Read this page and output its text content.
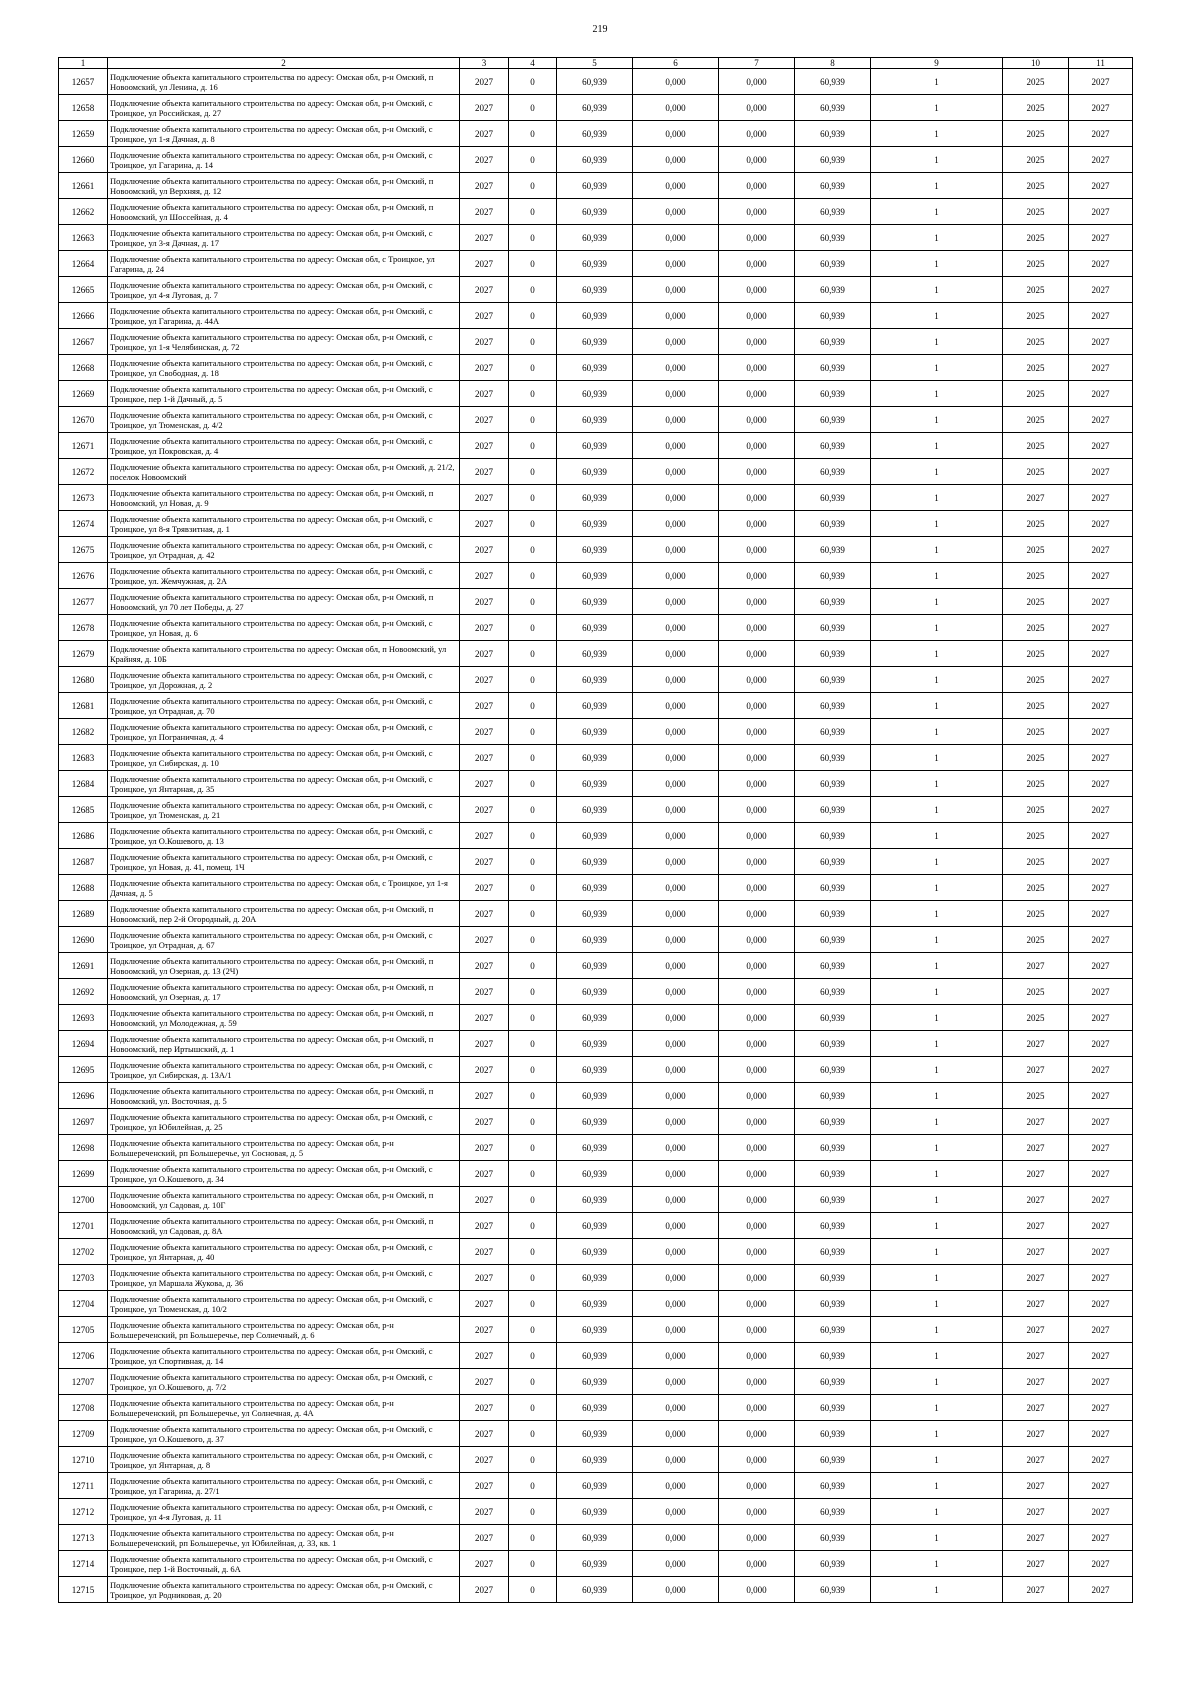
219
1	2	3	4	5	6	7	8	9	10	11
12657	Подключение объекта капитального строительства по адресу: Омская обл, р-н Омский, п Новоомский, ул Ленина, д. 16	2027	0	60,939	0,000	0,000	60,939	1	2025	2027
12658	Подключение объекта капитального строительства по адресу: Омская обл, р-н Омский, с Троицкое, ул Российская, д. 27	2027	0	60,939	0,000	0,000	60,939	1	2025	2027
12659	Подключение объекта капитального строительства по адресу: Омская обл, р-н Омский, с Троицкое, ул 1-я Дачная, д. 8	2027	0	60,939	0,000	0,000	60,939	1	2025	2027
12660	Подключение объекта капитального строительства по адресу: Омская обл, р-н Омский, с Троицкое, ул Гагарина, д. 14	2027	0	60,939	0,000	0,000	60,939	1	2025	2027
12661	Подключение объекта капитального строительства по адресу: Омская обл, р-н Омский, п Новоомский, ул Верхняя, д. 12	2027	0	60,939	0,000	0,000	60,939	1	2025	2027
12662	Подключение объекта капитального строительства по адресу: Омская обл, р-н Омский, п Новоомский, ул Шоссейная, д. 4	2027	0	60,939	0,000	0,000	60,939	1	2025	2027
12663	Подключение объекта капитального строительства по адресу: Омская обл, р-н Омский, с Троицкое, ул 3-я Дачная, д. 17	2027	0	60,939	0,000	0,000	60,939	1	2025	2027
12664	Подключение объекта капитального строительства по адресу: Омская обл, с Троицкое, ул Гагарина, д. 24	2027	0	60,939	0,000	0,000	60,939	1	2025	2027
12665	Подключение объекта капитального строительства по адресу: Омская обл, р-н Омский, с Троицкое, ул 4-я Луговая, д. 7	2027	0	60,939	0,000	0,000	60,939	1	2025	2027
12666	Подключение объекта капитального строительства по адресу: Омская обл, р-н Омский, с Троицкое, ул Гагарина, д. 44А	2027	0	60,939	0,000	0,000	60,939	1	2025	2027
12667	Подключение объекта капитального строительства по адресу: Омская обл, р-н Омский, с Троицкое, ул 1-я Челябинская, д. 72	2027	0	60,939	0,000	0,000	60,939	1	2025	2027
12668	Подключение объекта капитального строительства по адресу: Омская обл, р-н Омский, с Троицкое, ул Свободная, д. 18	2027	0	60,939	0,000	0,000	60,939	1	2025	2027
12669	Подключение объекта капитального строительства по адресу: Омская обл, р-н Омский, с Троицкое, пер 1-й Дачный, д. 5	2027	0	60,939	0,000	0,000	60,939	1	2025	2027
12670	Подключение объекта капитального строительства по адресу: Омская обл, р-н Омский, с Троицкое, ул Тюменская, д. 4/2	2027	0	60,939	0,000	0,000	60,939	1	2025	2027
12671	Подключение объекта капитального строительства по адресу: Омская обл, р-н Омский, с Троицкое, ул Покровская, д. 4	2027	0	60,939	0,000	0,000	60,939	1	2025	2027
12672	Подключение объекта капитального строительства по адресу: Омская обл, р-н Омский, д. 21/2, поселок Новоомский	2027	0	60,939	0,000	0,000	60,939	1	2025	2027
12673	Подключение объекта капитального строительства по адресу: Омская обл, р-н Омский, п Новоомский, ул Новая, д. 9	2027	0	60,939	0,000	0,000	60,939	1	2027	2027
12674	Подключение объекта капитального строительства по адресу: Омская обл, р-н Омский, с Троицкое, ул 8-я Трявзитная, д. 1	2027	0	60,939	0,000	0,000	60,939	1	2025	2027
12675	Подключение объекта капитального строительства по адресу: Омская обл, р-н Омский, с Троицкое, ул Отрадная, д. 42	2027	0	60,939	0,000	0,000	60,939	1	2025	2027
12676	Подключение объекта капитального строительства по адресу: Омская обл, р-н Омский, с Троицкое, ул. Жемчужная, д. 2А	2027	0	60,939	0,000	0,000	60,939	1	2025	2027
12677	Подключение объекта капитального строительства по адресу: Омская обл, р-н Омский, п Новоомский, ул 70 лет Победы, д. 27	2027	0	60,939	0,000	0,000	60,939	1	2025	2027
12678	Подключение объекта капитального строительства по адресу: Омская обл, р-н Омский, с Троицкое, ул Новая, д. 6	2027	0	60,939	0,000	0,000	60,939	1	2025	2027
12679	Подключение объекта капитального строительства по адресу: Омская обл, п Новоомский, ул Крайняя, д. 10Б	2027	0	60,939	0,000	0,000	60,939	1	2025	2027
12680	Подключение объекта капитального строительства по адресу: Омская обл, р-н Омский, с Троицкое, ул Дорожная, д. 2	2027	0	60,939	0,000	0,000	60,939	1	2025	2027
12681	Подключение объекта капитального строительства по адресу: Омская обл, р-н Омский, с Троицкое, ул Отрадная, д. 70	2027	0	60,939	0,000	0,000	60,939	1	2025	2027
12682	Подключение объекта капитального строительства по адресу: Омская обл, р-н Омский, с Троицкое, ул Пограничная, д. 4	2027	0	60,939	0,000	0,000	60,939	1	2025	2027
12683	Подключение объекта капитального строительства по адресу: Омская обл, р-н Омский, с Троицкое, ул Сибирская, д. 10	2027	0	60,939	0,000	0,000	60,939	1	2025	2027
12684	Подключение объекта капитального строительства по адресу: Омская обл, р-н Омский, с Троицкое, ул Янтарная, д. 35	2027	0	60,939	0,000	0,000	60,939	1	2025	2027
12685	Подключение объекта капитального строительства по адресу: Омская обл, р-н Омский, с Троицкое, ул Тюменская, д. 21	2027	0	60,939	0,000	0,000	60,939	1	2025	2027
12686	Подключение объекта капитального строительства по адресу: Омская обл, р-н Омский, с Троицкое, ул О.Кошевого, д. 13	2027	0	60,939	0,000	0,000	60,939	1	2025	2027
12687	Подключение объекта капитального строительства по адресу: Омская обл, р-н Омский, с Троицкое, ул Новая, д. 41, помещ. 1Ч	2027	0	60,939	0,000	0,000	60,939	1	2025	2027
12688	Подключение объекта капитального строительства по адресу: Омская обл, с Троицкое, ул 1-я Дачная, д. 5	2027	0	60,939	0,000	0,000	60,939	1	2025	2027
12689	Подключение объекта капитального строительства по адресу: Омская обл, р-н Омский, п Новоомский, пер 2-й Огородный, д. 20А	2027	0	60,939	0,000	0,000	60,939	1	2025	2027
12690	Подключение объекта капитального строительства по адресу: Омская обл, р-н Омский, с Троицкое, ул Отрадная, д. 67	2027	0	60,939	0,000	0,000	60,939	1	2025	2027
12691	Подключение объекта капитального строительства по адресу: Омская обл, р-н Омский, п Новоомский, ул Озерная, д. 13 (2Ч)	2027	0	60,939	0,000	0,000	60,939	1	2027	2027
12692	Подключение объекта капитального строительства по адресу: Омская обл, р-н Омский, п Новоомский, ул Озерная, д. 17	2027	0	60,939	0,000	0,000	60,939	1	2025	2027
12693	Подключение объекта капитального строительства по адресу: Омская обл, р-н Омский, п Новоомский, ул Молодежная, д. 59	2027	0	60,939	0,000	0,000	60,939	1	2025	2027
12694	Подключение объекта капитального строительства по адресу: Омская обл, р-н Омский, п Новоомский, пер Иртышский, д. 1	2027	0	60,939	0,000	0,000	60,939	1	2027	2027
12695	Подключение объекта капитального строительства по адресу: Омская обл, р-н Омский, с Троицкое, ул Сибирская, д. 13А/1	2027	0	60,939	0,000	0,000	60,939	1	2027	2027
12696	Подключение объекта капитального строительства по адресу: Омская обл, р-н Омский, п Новоомский, ул. Восточная, д. 5	2027	0	60,939	0,000	0,000	60,939	1	2025	2027
12697	Подключение объекта капитального строительства по адресу: Омская обл, р-н Омский, с Троицкое, ул Юбилейная, д. 25	2027	0	60,939	0,000	0,000	60,939	1	2027	2027
12698	Подключение объекта капитального строительства по адресу: Омская обл, р-н Большереченский, рп Большеречье, ул Сосновая, д. 5	2027	0	60,939	0,000	0,000	60,939	1	2027	2027
12699	Подключение объекта капитального строительства по адресу: Омская обл, р-н Омский, с Троицкое, ул О.Кошевого, д. 34	2027	0	60,939	0,000	0,000	60,939	1	2027	2027
12700	Подключение объекта капитального строительства по адресу: Омская обл, р-н Омский, п Новоомский, ул Садовая, д. 10Г	2027	0	60,939	0,000	0,000	60,939	1	2027	2027
12701	Подключение объекта капитального строительства по адресу: Омская обл, р-н Омский, п Новоомский, ул Садовая, д. 8А	2027	0	60,939	0,000	0,000	60,939	1	2027	2027
12702	Подключение объекта капитального строительства по адресу: Омская обл, р-н Омский, с Троицкое, ул Янтарная, д. 40	2027	0	60,939	0,000	0,000	60,939	1	2027	2027
12703	Подключение объекта капитального строительства по адресу: Омская обл, р-н Омский, с Троицкое, ул Маршала Жукова, д. 36	2027	0	60,939	0,000	0,000	60,939	1	2027	2027
12704	Подключение объекта капитального строительства по адресу: Омская обл, р-н Омский, с Троицкое, ул Тюменская, д. 10/2	2027	0	60,939	0,000	0,000	60,939	1	2027	2027
12705	Подключение объекта капитального строительства по адресу: Омская обл, р-н Большереченский, рп Большеречье, пер Солнечный, д. 6	2027	0	60,939	0,000	0,000	60,939	1	2027	2027
12706	Подключение объекта капитального строительства по адресу: Омская обл, р-н Омский, с Троицкое, ул Спортивная, д. 14	2027	0	60,939	0,000	0,000	60,939	1	2027	2027
12707	Подключение объекта капитального строительства по адресу: Омская обл, р-н Омский, с Троицкое, ул О.Кошевого, д. 7/2	2027	0	60,939	0,000	0,000	60,939	1	2027	2027
12708	Подключение объекта капитального строительства по адресу: Омская обл, р-н Большереченский, рп Большеречье, ул Солнечная, д. 4А	2027	0	60,939	0,000	0,000	60,939	1	2027	2027
12709	Подключение объекта капитального строительства по адресу: Омская обл, р-н Омский, с Троицкое, ул О.Кошевого, д. 37	2027	0	60,939	0,000	0,000	60,939	1	2027	2027
12710	Подключение объекта капитального строительства по адресу: Омская обл, р-н Омский, с Троицкое, ул Янтарная, д. 8	2027	0	60,939	0,000	0,000	60,939	1	2027	2027
12711	Подключение объекта капитального строительства по адресу: Омская обл, р-н Омский, с Троицкое, ул Гагарина, д. 27/1	2027	0	60,939	0,000	0,000	60,939	1	2027	2027
12712	Подключение объекта капитального строительства по адресу: Омская обл, р-н Омский, с Троицкое, ул 4-я Луговая, д. 11	2027	0	60,939	0,000	0,000	60,939	1	2027	2027
12713	Подключение объекта капитального строительства по адресу: Омская обл, р-н Большереченский, рп Большеречье, ул Юбилейная, д. 33, кв. 1	2027	0	60,939	0,000	0,000	60,939	1	2027	2027
12714	Подключение объекта капитального строительства по адресу: Омская обл, р-н Омский, с Троицкое, пер 1-й Восточный, д. 6А	2027	0	60,939	0,000	0,000	60,939	1	2027	2027
12715	Подключение объекта капитального строительства по адресу: Омская обл, р-н Омский, с Троицкое, ул Родниковая, д. 20	2027	0	60,939	0,000	0,000	60,939	1	2027	2027
